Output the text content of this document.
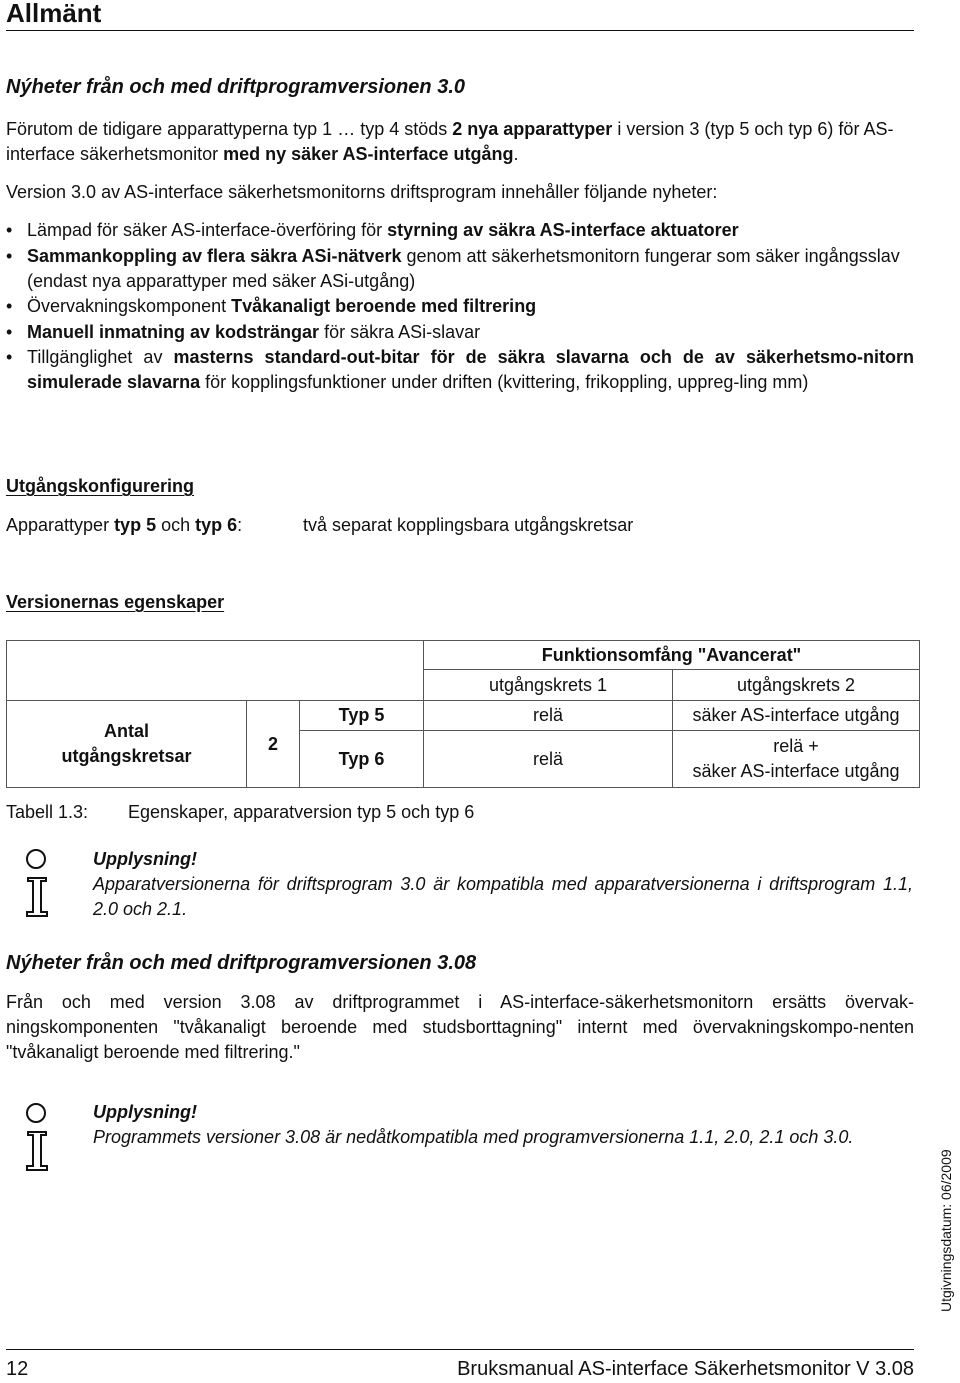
Allmänt
Nýheter från och med driftprogramversionen 3.0

Förutom de tidigare apparattyperna typ 1 … typ 4 stöds 2 nya apparattyper i version 3 (typ 5 och typ 6) för AS-interface säkerhetsmonitor med ny säker AS-interface utgång.

Version 3.0 av AS-interface säkerhetsmonitorns driftsprogram innehåller följande nyheter:

• Lämpad för säker AS-interface-överföring för styrning av säkra AS-interface aktuatorer
• Sammankoppling av flera säkra ASi-nätverk genom att säkerhetsmonitorn fungerar som säker ingångsslav (endast nya apparattyper med säker ASi-utgång)
• Övervakningskomponent Tvåkanaligt beroende med filtrering
• Manuell inmatning av kodsträngar för säkra ASi-slavar
• Tillgänglighet av masterns standard-out-bitar för de säkra slavarna och de av säkerhetsmo-nitorn simulerade slavarna för kopplingsfunktioner under driften (kvittering, frikoppling, uppreg-ling mm)
Utgångskonfigurering
Apparattyper typ 5 och typ 6:	två separat kopplingsbara utgångskretsar
Versionernas egenskaper
			Funktionsomfång "Avancerat"	
			utgångskrets 1	utgångskrets 2
Antal utgångskretsar	2	Typ 5	relä	säker AS-interface utgång
		Typ 6	relä	relä +
säker AS-interface utgång
Tabell 1.3: Egenskaper, apparatversion typ 5 och typ 6
Upplysning!

Apparatversionerna för driftsprogram 3.0 är kompatibla med apparatversionerna i driftsprogram 1.1, 2.0 och 2.1.

Nýheter från och med driftprogramversionen 3.08

Från och med version 3.08 av driftprogrammet i AS-interface-säkerhetsmonitorn ersätts övervak-ningskomponenten "tvåkanaligt beroende med studsborttagning" internt med övervakningskompo-nenten "tvåkanaligt beroende med filtrering."

Upplysning!

Programmets versioner 3.08 är nedåtkompatibla med programversionerna 1.1, 2.0, 2.1 och 3.0.

Utgivningsdatum: 06/2009
12	Bruksmanual AS-interface Säkerhetsmonitor V 3.08
